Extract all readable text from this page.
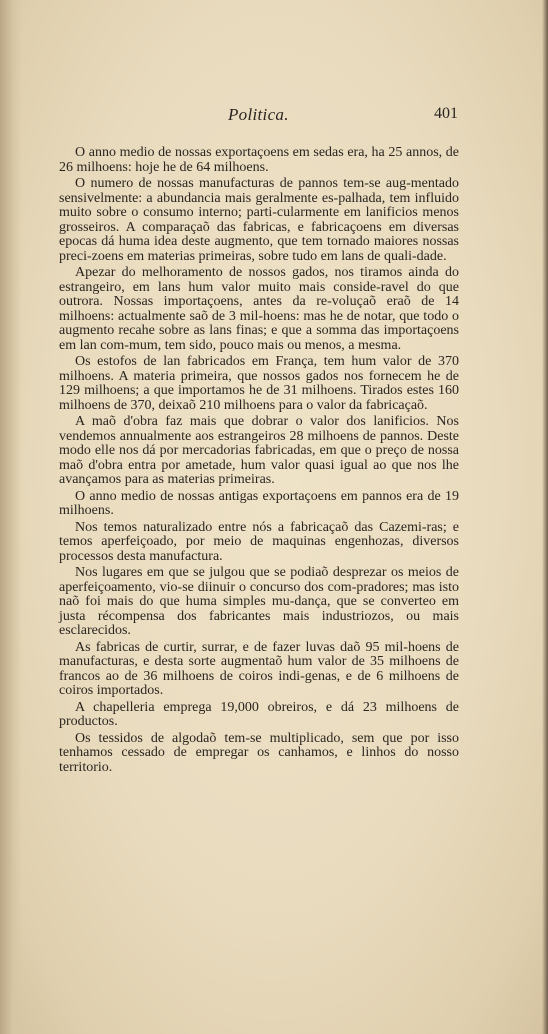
Politica.	401

O anno medio de nossas exportaçoens em sedas era, ha 25 annos, de 26 milhoens: hoje he de 64 milhoens.

O numero de nossas manufacturas de pannos tem-se aug-mentado sensivelmente: a abundancia mais geralmente es-palhada, tem influido muito sobre o consumo interno; parti-cularmente em lanificios menos grosseiros. A comparaçaõ das fabricas, e fabricaçoens em diversas epocas dá huma idea deste augmento, que tem tornado maiores nossas preci-zoens em materias primeiras, sobre tudo em lans de quali-dade.

Apezar do melhoramento de nossos gados, nos tiramos ainda do estrangeiro, em lans hum valor muito mais conside-ravel do que outrora. Nossas importaçoens, antes da re-voluçaõ eraõ de 14 milhoens: actualmente saõ de 3 mil-hoens: mas he de notar, que todo o augmento recahe sobre as lans finas; e que a somma das importaçoens em lan com-mum, tem sido, pouco mais ou menos, a mesma.

Os estofos de lan fabricados em França, tem hum valor de 370 milhoens. A materia primeira, que nossos gados nos fornecem he de 129 milhoens; a que importamos he de 31 milhoens. Tirados estes 160 milhoens de 370, deixaõ 210 milhoens para o valor da fabricaçaõ.

A maõ d'obra faz mais que dobrar o valor dos lanificios. Nos vendemos annualmente aos estrangeiros 28 milhoens de pannos. Deste modo elle nos dá por mercadorias fabricadas, em que o preço de nossa maõ d'obra entra por ametade, hum valor quasi igual ao que nos lhe avançamos para as materias primeiras.

O anno medio de nossas antigas exportaçoens em pannos era de 19 milhoens.

Nos temos naturalizado entre nós a fabricaçaõ das Cazemi-ras; e temos aperfeiçoado, por meio de maquinas engenhozas, diversos processos desta manufactura.

Nos lugares em que se julgou que se podiaõ desprezar os meios de aperfeiçoamento, vio-se diinuir o concurso dos com-pradores; mas isto naõ foi mais do que huma simples mu-dança, que se converteo em justa récompensa dos fabricantes mais industriozos, ou mais esclarecidos.

As fabricas de curtir, surrar, e de fazer luvas daõ 95 mil-hoens de manufacturas, e desta sorte augmentaõ hum valor de 35 milhoens de francos ao de 36 milhoens de coiros indi-genas, e de 6 milhoens de coiros importados.

A chapelleria emprega 19,000 obreiros, e dá 23 milhoens de productos.

Os tessidos de algodaõ tem-se multiplicado, sem que por isso tenhamos cessado de empregar os canhamos, e linhos do nosso territorio.
